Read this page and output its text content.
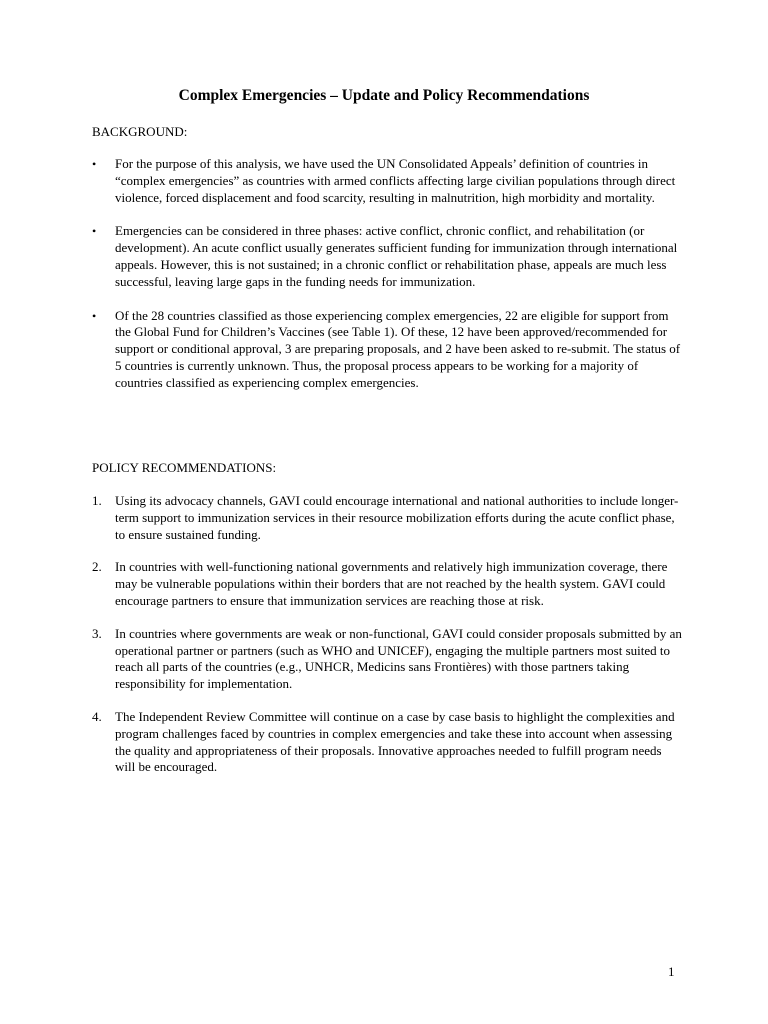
Complex Emergencies – Update and Policy Recommendations

BACKGROUND:

• For the purpose of this analysis, we have used the UN Consolidated Appeals’ definition of countries in “complex emergencies” as countries with armed conflicts affecting large civilian populations through direct violence, forced displacement and food scarcity, resulting in malnutrition, high morbidity and mortality.
• Emergencies can be considered in three phases: active conflict, chronic conflict, and rehabilitation (or development). An acute conflict usually generates sufficient funding for immunization through international appeals. However, this is not sustained; in a chronic conflict or rehabilitation phase, appeals are much less successful, leaving large gaps in the funding needs for immunization.
• Of the 28 countries classified as those experiencing complex emergencies, 22 are eligible for support from the Global Fund for Children’s Vaccines (see Table 1). Of these, 12 have been approved/recommended for support or conditional approval, 3 are preparing proposals, and 2 have been asked to re-submit. The status of 5 countries is currently unknown. Thus, the proposal process appears to be working for a majority of countries classified as experiencing complex emergencies.

POLICY RECOMMENDATIONS:

1. Using its advocacy channels, GAVI could encourage international and national authorities to include longer-term support to immunization services in their resource mobilization efforts during the acute conflict phase, to ensure sustained funding.
2. In countries with well-functioning national governments and relatively high immunization coverage, there may be vulnerable populations within their borders that are not reached by the health system. GAVI could encourage partners to ensure that immunization services are reaching those at risk.
3. In countries where governments are weak or non-functional, GAVI could consider proposals submitted by an operational partner or partners (such as WHO and UNICEF), engaging the multiple partners most suited to reach all parts of the countries (e.g., UNHCR, Medicins sans Frontières) with those partners taking responsibility for implementation.
4. The Independent Review Committee will continue on a case by case basis to highlight the complexities and program challenges faced by countries in complex emergencies and take these into account when assessing the quality and appropriateness of their proposals. Innovative approaches needed to fulfill program needs will be encouraged.

1
